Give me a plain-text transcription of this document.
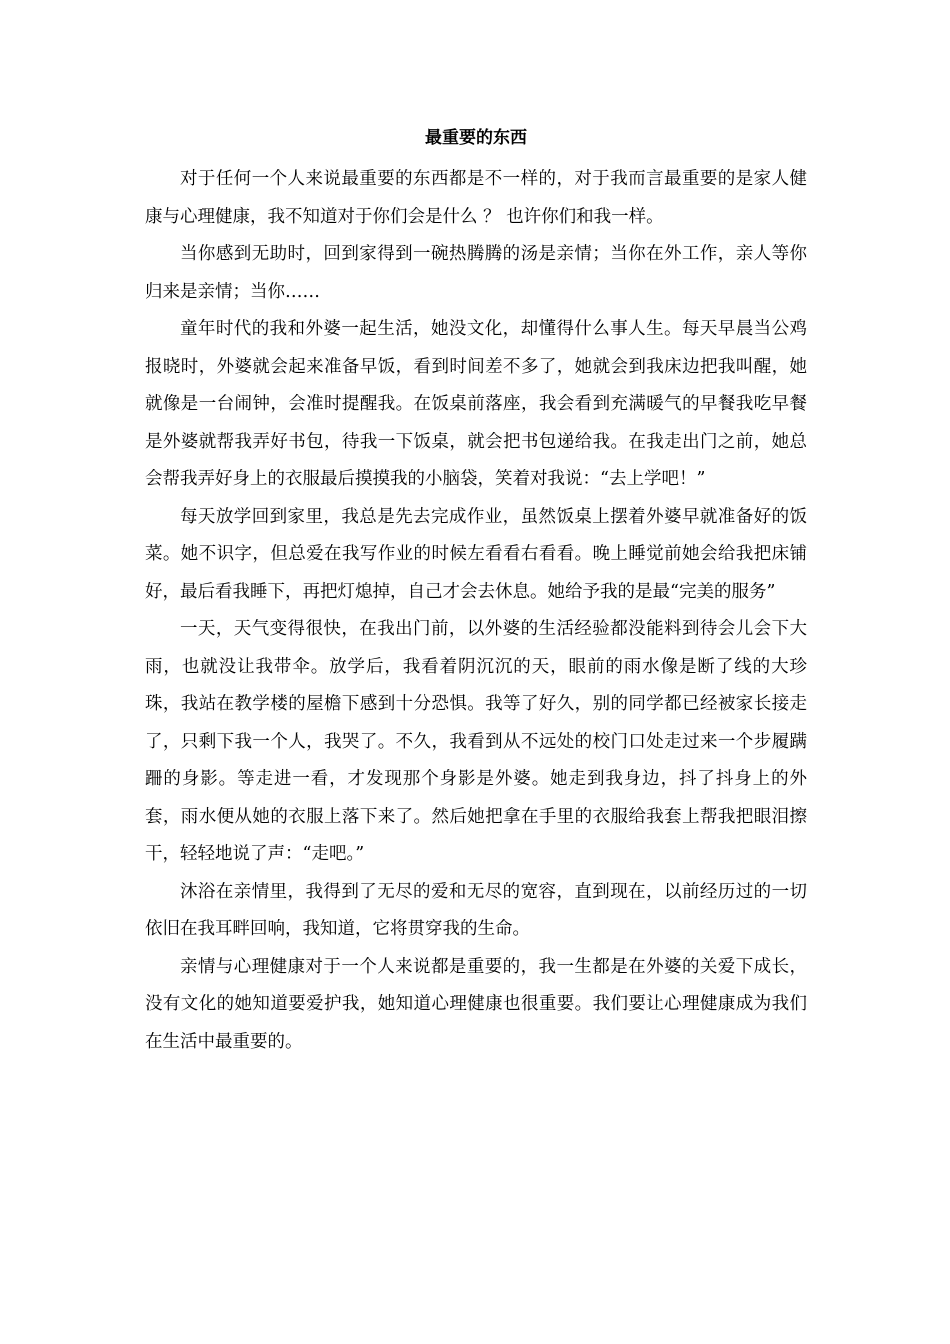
最重要的东西

对于任何一个人来说最重要的东西都是不一样的，对于我而言最重要的是家人健康与心理健康，我不知道对于你们会是什么 ？ 也许你们和我一样。

当你感到无助时，回到家得到一碗热腾腾的汤是亲情；当你在外工作，亲人等你归来是亲情；当你……

童年时代的我和外婆一起生活，她没文化，却懂得什么事人生。每天早晨当公鸡报晓时，外婆就会起来准备早饭，看到时间差不多了，她就会到我床边把我叫醒，她就像是一台闹钟，会准时提醒我。在饭桌前落座，我会看到充满暖气的早餐我吃早餐是外婆就帮我弄好书包，待我一下饭桌，就会把书包递给我。在我走出门之前，她总会帮我弄好身上的衣服最后摸摸我的小脑袋，笑着对我说：“去上学吧！”

每天放学回到家里，我总是先去完成作业，虽然饭桌上摆着外婆早就准备好的饭菜。她不识字，但总爱在我写作业的时候左看看右看看。晚上睡觉前她会给我把床铺好，最后看我睡下，再把灯熄掉，自己才会去休息。她给予我的是最“完美的服务”

一天，天气变得很快，在我出门前，以外婆的生活经验都没能料到待会儿会下大雨，也就没让我带伞。放学后，我看着阴沉沉的天，眼前的雨水像是断了线的大珍珠，我站在教学楼的屋檐下感到十分恐惧。我等了好久，别的同学都已经被家长接走了，只剩下我一个人，我哭了。不久，我看到从不远处的校门口处走过来一个步履蹒跚的身影。等走进一看，才发现那个身影是外婆。她走到我身边，抖了抖身上的外套，雨水便从她的衣服上落下来了。然后她把拿在手里的衣服给我套上帮我把眼泪擦干，轻轻地说了声：“走吧。”

沐浴在亲情里，我得到了无尽的爱和无尽的宽容，直到现在，以前经历过的一切依旧在我耳畔回响，我知道，它将贯穿我的生命。

亲情与心理健康对于一个人来说都是重要的，我一生都是在外婆的关爱下成长，没有文化的她知道要爱护我，她知道心理健康也很重要。我们要让心理健康成为我们在生活中最重要的。
